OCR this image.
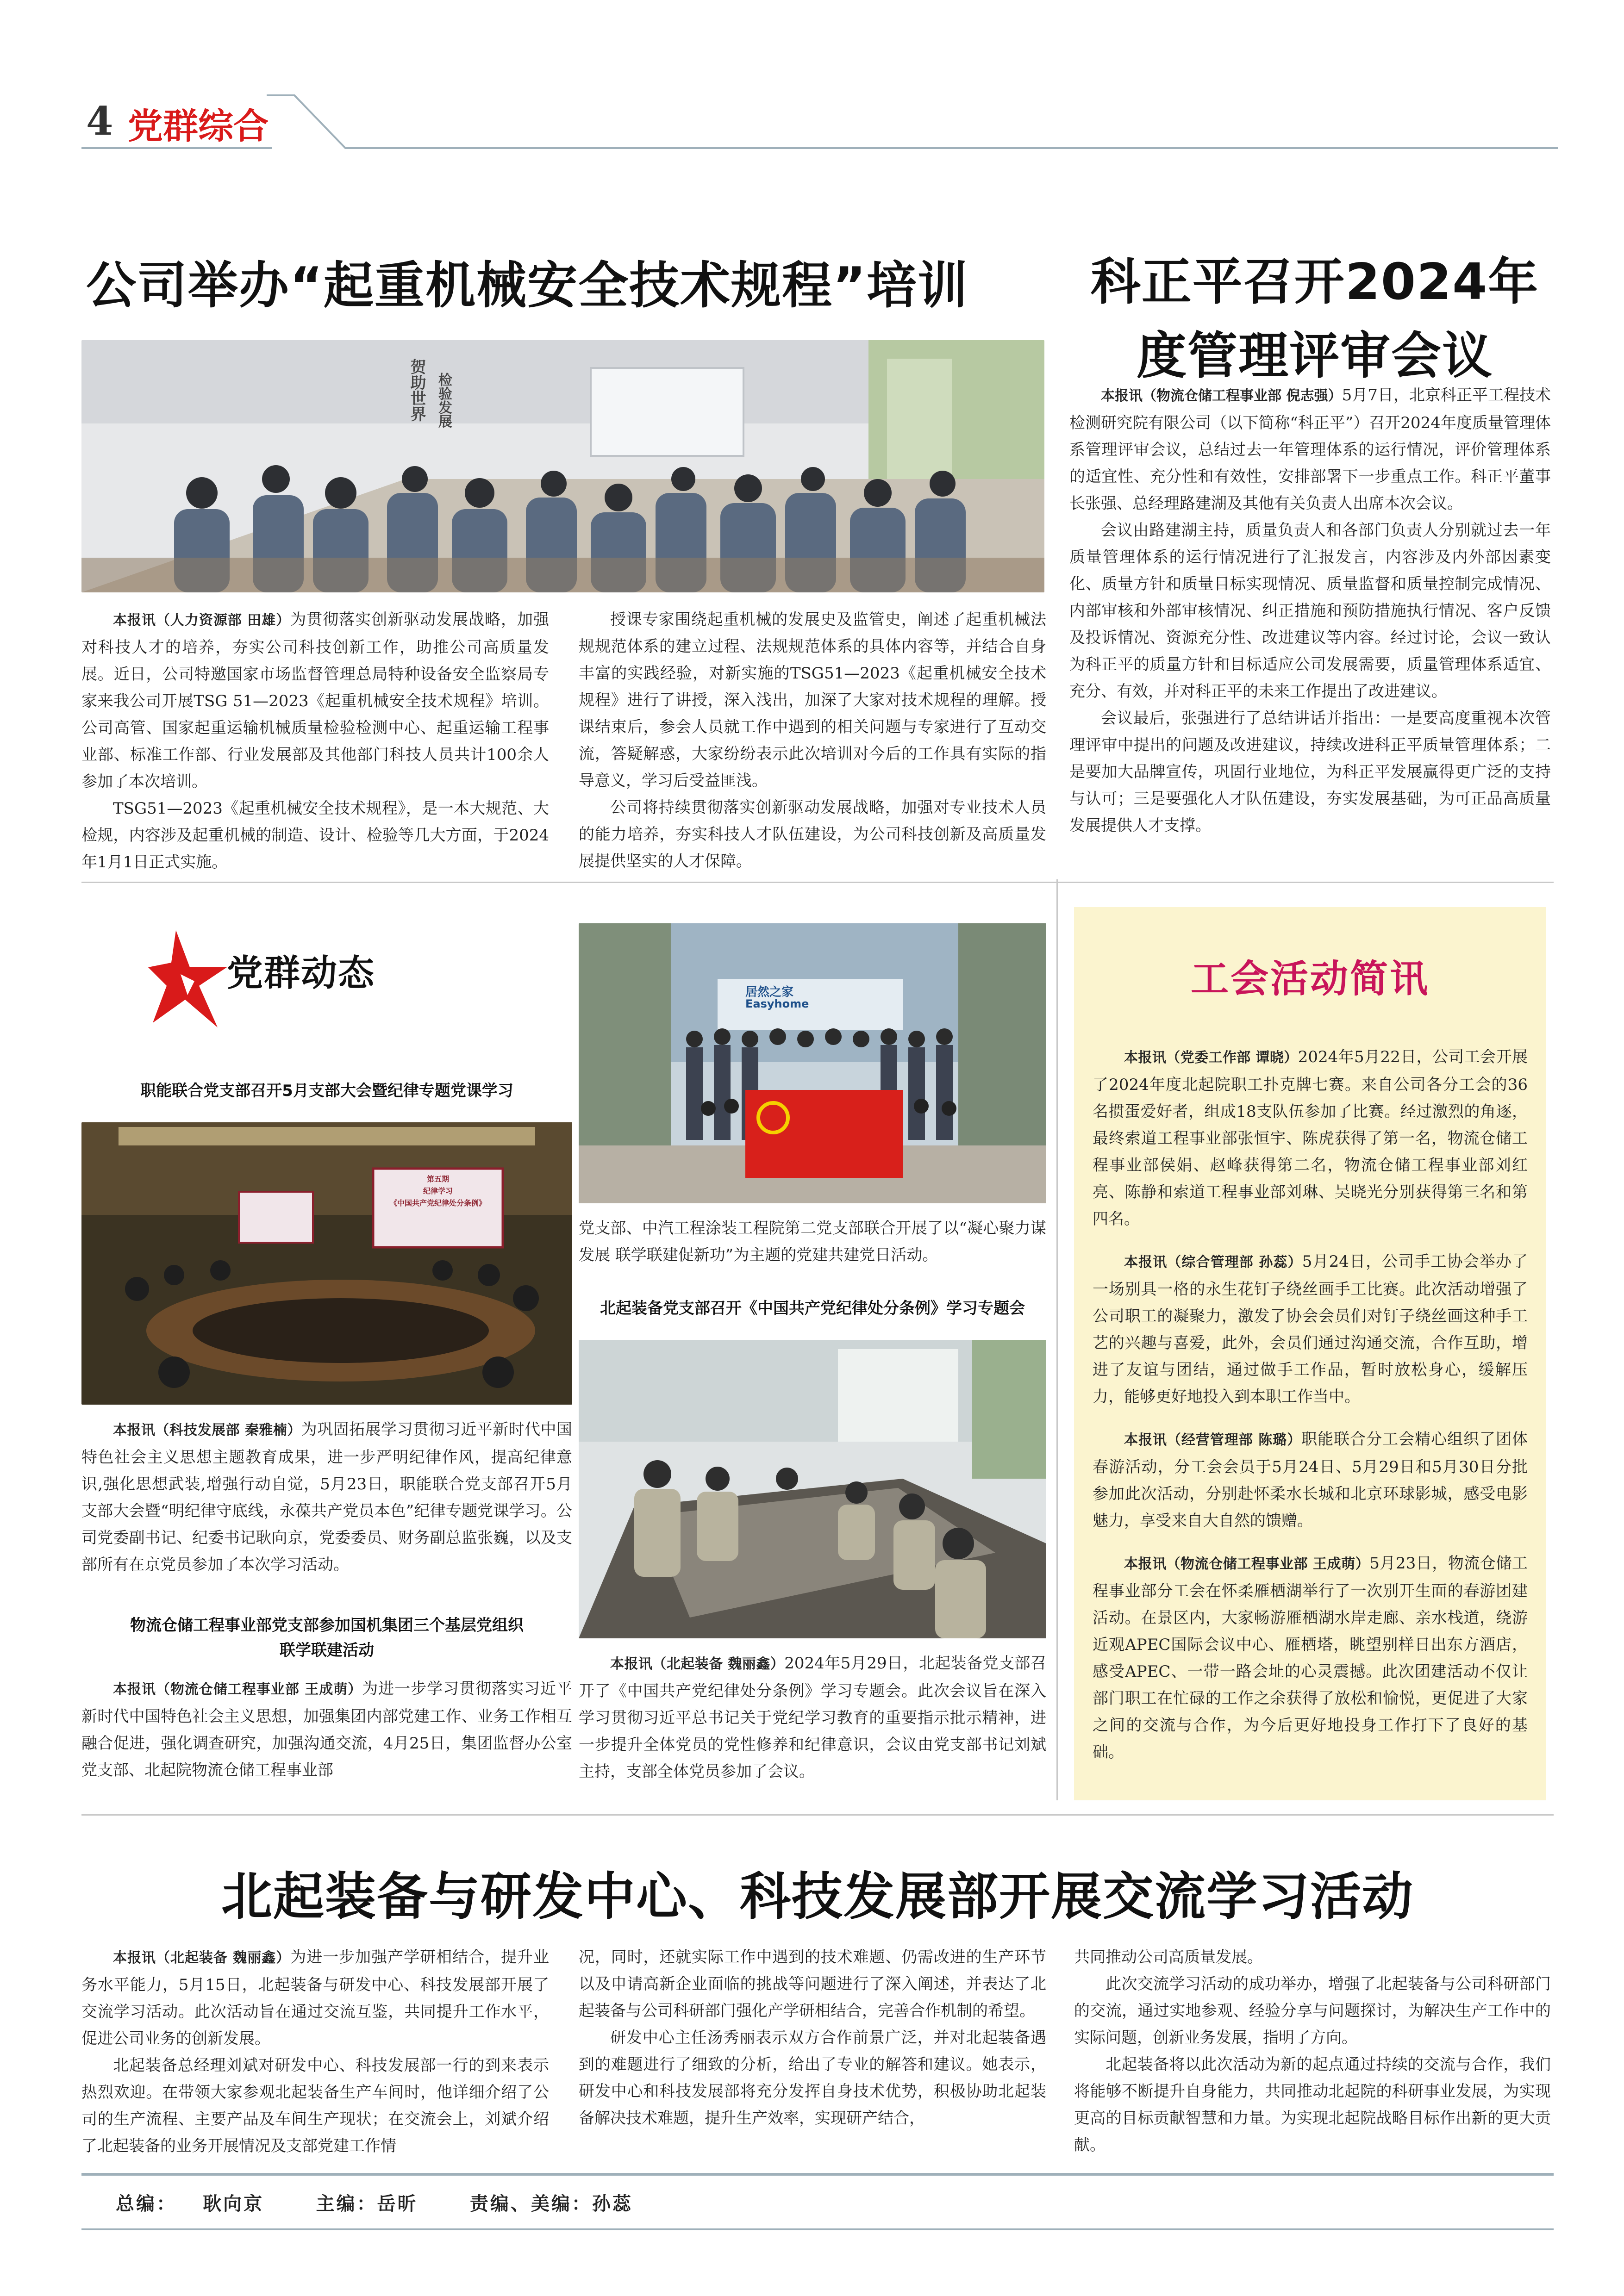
4 党群综合
公司举办“起重机械安全技术规程”培训
贺助世界 检验发展

本报讯（人力资源部 田雄）为贯彻落实创新驱动发展战略，加强对科技人才的培养，夯实公司科技创新工作，助推公司高质量发展。近日，公司特邀国家市场监督管理总局特种设备安全监察局专家来我公司开展TSG 51—2023《起重机械安全技术规程》培训。公司高管、国家起重运输机械质量检验检测中心、起重运输工程事业部、标准工作部、行业发展部及其他部门科技人员共计100余人参加了本次培训。

TSG51—2023《起重机械安全技术规程》，是一本大规范、大检规，内容涉及起重机械的制造、设计、检验等几大方面，于2024年1月1日正式实施。

授课专家围绕起重机械的发展史及监管史，阐述了起重机械法规规范体系的建立过程、法规规范体系的具体内容等，并结合自身丰富的实践经验，对新实施的TSG51—2023《起重机械安全技术规程》进行了讲授，深入浅出，加深了大家对技术规程的理解。授课结束后，参会人员就工作中遇到的相关问题与专家进行了互动交流，答疑解惑，大家纷纷表示此次培训对今后的工作具有实际的指导意义，学习后受益匪浅。

公司将持续贯彻落实创新驱动发展战略，加强对专业技术人员的能力培养，夯实科技人才队伍建设，为公司科技创新及高质量发展提供坚实的人才保障。

科正平召开2024年
度管理评审会议

本报讯（物流仓储工程事业部 倪志强）5月7日，北京科正平工程技术检测研究院有限公司（以下简称“科正平”）召开2024年度质量管理体系管理评审会议，总结过去一年管理体系的运行情况，评价管理体系的适宜性、充分性和有效性，安排部署下一步重点工作。科正平董事长张强、总经理路建湖及其他有关负责人出席本次会议。

会议由路建湖主持，质量负责人和各部门负责人分别就过去一年质量管理体系的运行情况进行了汇报发言，内容涉及内外部因素变化、质量方针和质量目标实现情况、质量监督和质量控制完成情况、内部审核和外部审核情况、纠正措施和预防措施执行情况、客户反馈及投诉情况、资源充分性、改进建议等内容。经过讨论，会议一致认为科正平的质量方针和目标适应公司发展需要，质量管理体系适宜、充分、有效，并对科正平的未来工作提出了改进建议。

会议最后，张强进行了总结讲话并指出：一是要高度重视本次管理评审中提出的问题及改进建议，持续改进科正平质量管理体系；二是要加大品牌宣传，巩固行业地位，为科正平发展赢得更广泛的支持与认可；三是要强化人才队伍建设，夯实发展基础，为可正品高质量发展提供人才支撑。

党群动态
职能联合党支部召开5月支部大会暨纪律专题党课学习
第五期
纪律学习
《中国共产党纪律处分条例》

本报讯（科技发展部 秦雅楠）为巩固拓展学习贯彻习近平新时代中国特色社会主义思想主题教育成果，进一步严明纪律作风，提高纪律意识,强化思想武装,增强行动自觉，5月23日，职能联合党支部召开5月支部大会暨“明纪律守底线，永葆共产党员本色”纪律专题党课学习。公司党委副书记、纪委书记耿向京，党委委员、财务副总监张巍，以及支部所有在京党员参加了本次学习活动。

物流仓储工程事业部党支部参加国机集团三个基层党组织
联学联建活动

本报讯（物流仓储工程事业部 王成萌）为进一步学习贯彻落实习近平新时代中国特色社会主义思想，加强集团内部党建工作、业务工作相互融合促进，强化调查研究，加强沟通交流，4月25日，集团监督办公室党支部、北起院物流仓储工程事业部

居然之家
Easyhome

党支部、中汽工程涂装工程院第二党支部联合开展了以“凝心聚力谋发展 联学联建促新功”为主题的党建共建党日活动。

北起装备党支部召开《中国共产党纪律处分条例》学习专题会

本报讯（北起装备 魏丽鑫）2024年5月29日，北起装备党支部召开了《中国共产党纪律处分条例》学习专题会。此次会议旨在深入学习贯彻习近平总书记关于党纪学习教育的重要指示批示精神，进一步提升全体党员的党性修养和纪律意识，会议由党支部书记刘斌主持，支部全体党员参加了会议。

工会活动简讯

本报讯（党委工作部 谭晓）2024年5月22日，公司工会开展了2024年度北起院职工扑克牌七赛。来自公司各分工会的36名掼蛋爱好者，组成18支队伍参加了比赛。经过激烈的角逐，最终索道工程事业部张恒宇、陈虎获得了第一名，物流仓储工程事业部侯娟、赵峰获得第二名，物流仓储工程事业部刘红亮、陈静和索道工程事业部刘琳、吴晓光分别获得第三名和第四名。

本报讯（综合管理部 孙蕊）5月24日，公司手工协会举办了一场别具一格的永生花钉子绕丝画手工比赛。此次活动增强了公司职工的凝聚力，激发了协会会员们对钉子绕丝画这种手工艺的兴趣与喜爱，此外，会员们通过沟通交流，合作互助，增进了友谊与团结，通过做手工作品，暂时放松身心，缓解压力，能够更好地投入到本职工作当中。

本报讯（经营管理部 陈璐）职能联合分工会精心组织了团体春游活动，分工会会员于5月24日、5月29日和5月30日分批参加此次活动，分别赴怀柔水长城和北京环球影城，感受电影魅力，享受来自大自然的馈赠。

本报讯（物流仓储工程事业部 王成萌）5月23日，物流仓储工程事业部分工会在怀柔雁栖湖举行了一次别开生面的春游团建活动。在景区内，大家畅游雁栖湖水岸走廊、亲水栈道，绕游近观APEC国际会议中心、雁栖塔，眺望别样日出东方酒店，感受APEC、一带一路会址的心灵震撼。此次团建活动不仅让部门职工在忙碌的工作之余获得了放松和愉悦，更促进了大家之间的交流与合作，为今后更好地投身工作打下了良好的基础。

北起装备与研发中心、科技发展部开展交流学习活动

本报讯（北起装备 魏丽鑫）为进一步加强产学研相结合，提升业务水平能力，5月15日，北起装备与研发中心、科技发展部开展了交流学习活动。此次活动旨在通过交流互鉴，共同提升工作水平，促进公司业务的创新发展。

北起装备总经理刘斌对研发中心、科技发展部一行的到来表示热烈欢迎。在带领大家参观北起装备生产车间时，他详细介绍了公司的生产流程、主要产品及车间生产现状；在交流会上，刘斌介绍了北起装备的业务开展情况及支部党建工作情

况，同时，还就实际工作中遇到的技术难题、仍需改进的生产环节以及申请高新企业面临的挑战等问题进行了深入阐述，并表达了北起装备与公司科研部门强化产学研相结合，完善合作机制的希望。

研发中心主任汤秀丽表示双方合作前景广泛，并对北起装备遇到的难题进行了细致的分析，给出了专业的解答和建议。她表示，研发中心和科技发展部将充分发挥自身技术优势，积极协助北起装备解决技术难题，提升生产效率，实现研产结合，

共同推动公司高质量发展。

此次交流学习活动的成功举办，增强了北起装备与公司科研部门的交流，通过实地参观、经验分享与问题探讨，为解决生产工作中的实际问题，创新业务发展，指明了方向。

北起装备将以此次活动为新的起点通过持续的交流与合作，我们将能够不断提升自身能力，共同推动北起院的科研事业发展，为实现更高的目标贡献智慧和力量。为实现北起院战略目标作出新的更大贡献。

总编：  耿向京    主编：岳昕    责编、美编：孙蕊
